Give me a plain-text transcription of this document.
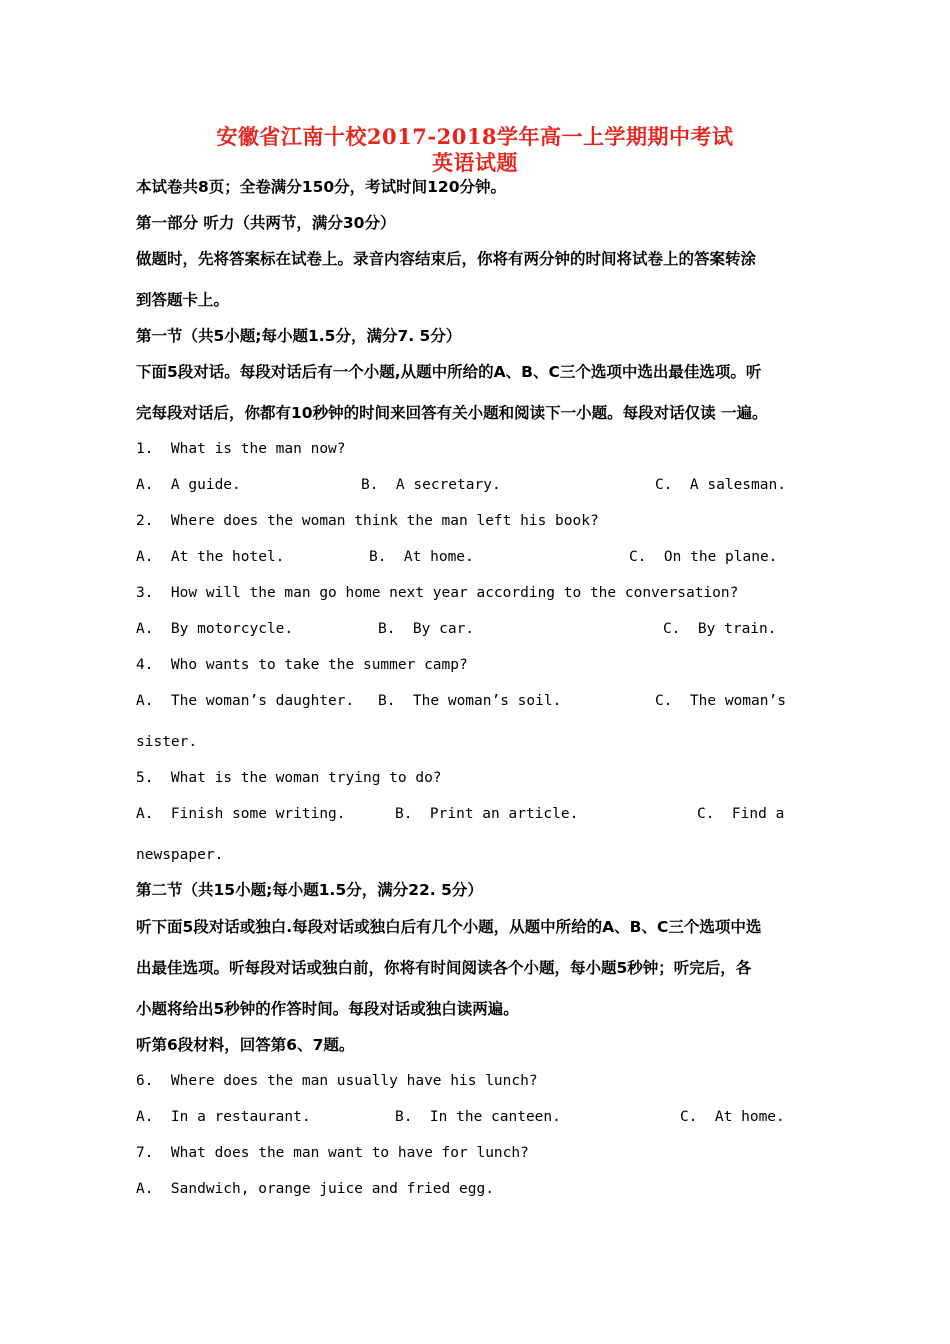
安徽省江南十校2017-2018学年高一上学期期中考试
英语试题
本试卷共8页；全卷满分150分，考试时间120分钟。
第一部分 听力（共两节，满分30分）
做题时，先将答案标在试卷上。录音内容结束后，你将有两分钟的时间将试卷上的答案转涂
到答题卡上。
第一节（共5小题;每小题1.5分，满分7. 5分）
下面5段对话。每段对话后有一个小题,从题中所给的A、B、C三个选项中选出最佳选项。听
完每段对话后，你都有10秒钟的时间来回答有关小题和阅读下一小题。每段对话仅读 一遍。
1.  What is the man now?
A.  A guide.	B.  A secretary.	C.  A salesman.
2.  Where does the woman think the man left his book?
A.  At the hotel.	B.  At home.	C.  On the plane.
3.  How will the man go home next year according to the conversation?
A.  By motorcycle.	B.  By car.	C.  By train.
4.  Who wants to take the summer camp?
A.  The woman’s daughter. B.  The woman’s soil.	C.  The woman’s
sister.
5.  What is the woman trying to do?
A.  Finish some writing.	B.  Print an article.	C.  Find a
newspaper.
第二节（共15小题;每小题1.5分，满分22. 5分）
听下面5段对话或独白.每段对话或独白后有几个小题，从题中所给的A、B、C三个选项中选
出最佳选项。听每段对话或独白前，你将有时间阅读各个小题，每小题5秒钟；听完后，各
小题将给出5秒钟的作答时间。每段对话或独白读两遍。
听第6段材料，回答第6、7题。
6.  Where does the man usually have his lunch?
A.  In a restaurant.	B.  In the canteen.	C.  At home.
7.  What does the man want to have for lunch?
A.  Sandwich, orange juice and fried egg.
